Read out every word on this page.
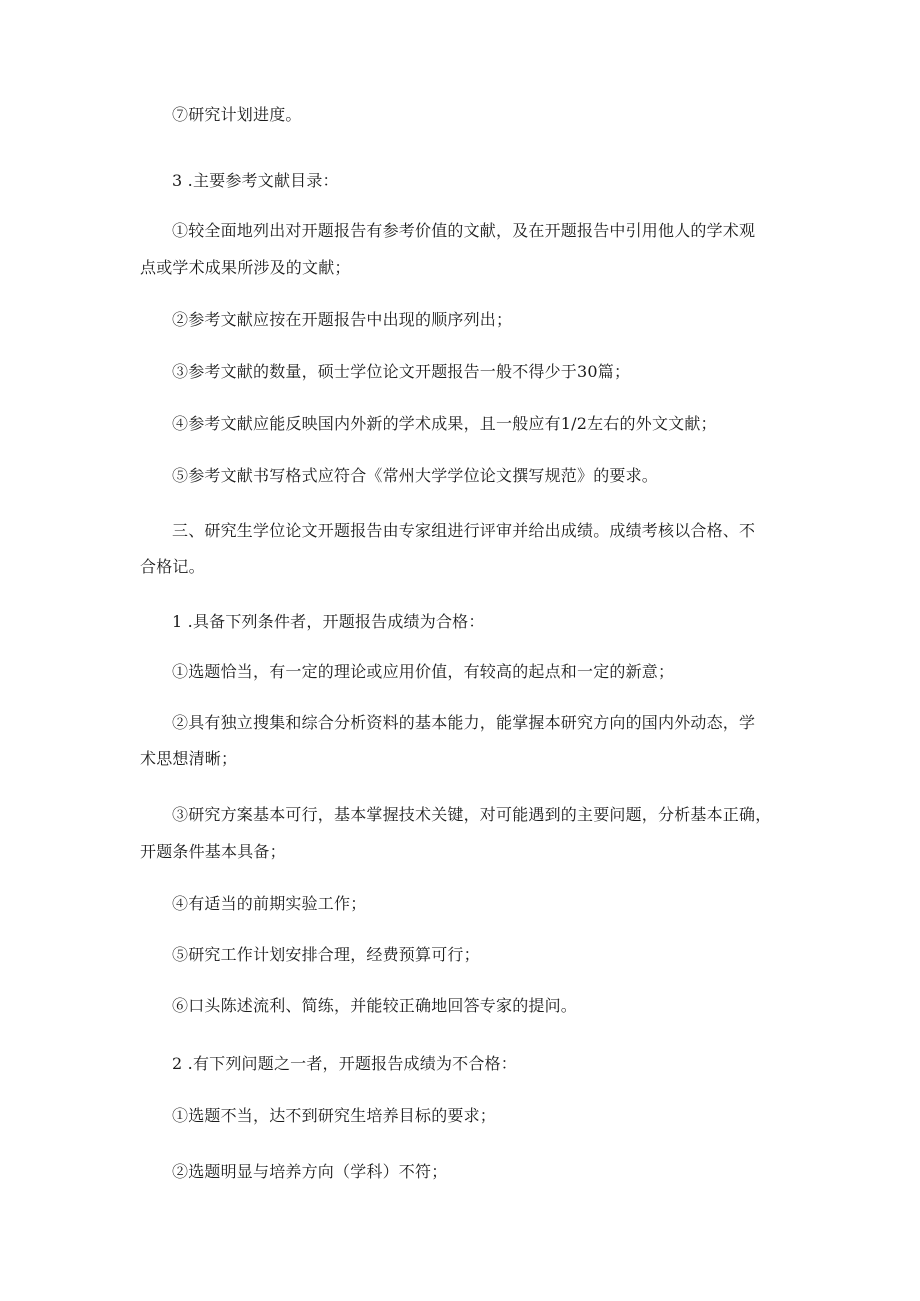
⑦研究计划进度。
3 .主要参考文献目录：
①较全面地列出对开题报告有参考价值的文献，及在开题报告中引用他人的学术观
点或学术成果所涉及的文献；
②参考文献应按在开题报告中出现的顺序列出；
③参考文献的数量，硕士学位论文开题报告一般不得少于30篇；
④参考文献应能反映国内外新的学术成果，且一般应有1/2左右的外文文献；
⑤参考文献书写格式应符合《常州大学学位论文撰写规范》的要求。
三、研究生学位论文开题报告由专家组进行评审并给出成绩。成绩考核以合格、不
合格记。
1 .具备下列条件者，开题报告成绩为合格：
①选题恰当，有一定的理论或应用价值，有较高的起点和一定的新意；
②具有独立搜集和综合分析资料的基本能力，能掌握本研究方向的国内外动态，学
术思想清晰；
③研究方案基本可行，基本掌握技术关键，对可能遇到的主要问题，分析基本正确，
开题条件基本具备；
④有适当的前期实验工作；
⑤研究工作计划安排合理，经费预算可行；
⑥口头陈述流利、简练，并能较正确地回答专家的提问。
2 .有下列问题之一者，开题报告成绩为不合格：
①选题不当，达不到研究生培养目标的要求；
②选题明显与培养方向（学科）不符；
